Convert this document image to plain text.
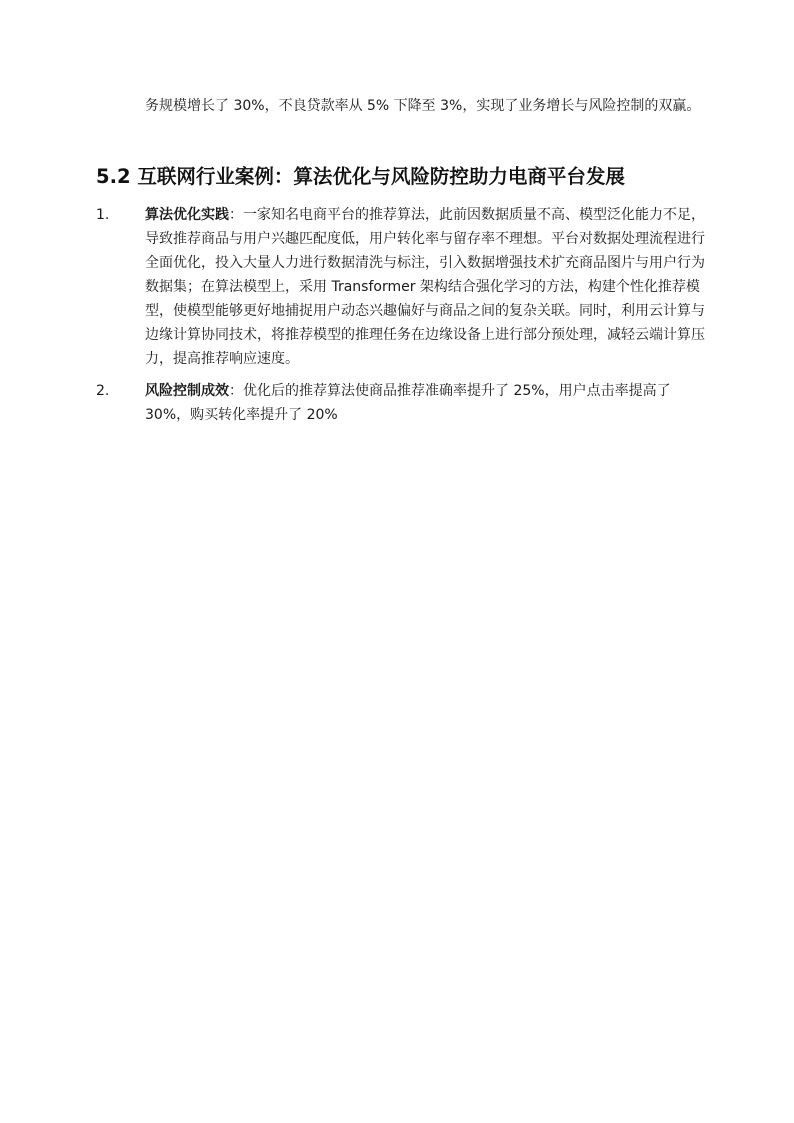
务规模增长了 30%，不良贷款率从 5% 下降至 3%，实现了业务增长与风险控制的双赢。

5.2 互联网行业案例：算法优化与风险防控助力电商平台发展
1.	算法优化实践：一家知名电商平台的推荐算法，此前因数据质量不高、模型泛化能力不足，导致推荐商品与用户兴趣匹配度低，用户转化率与留存率不理想。平台对数据处理流程进行全面优化，投入大量人力进行数据清洗与标注，引入数据增强技术扩充商品图片与用户行为数据集；在算法模型上，采用 Transformer 架构结合强化学习的方法，构建个性化推荐模型，使模型能够更好地捕捉用户动态兴趣偏好与商品之间的复杂关联。同时，利用云计算与边缘计算协同技术，将推荐模型的推理任务在边缘设备上进行部分预处理，减轻云端计算压力，提高推荐响应速度。
2.	风险控制成效：优化后的推荐算法使商品推荐准确率提升了 25%，用户点击率提高了 30%，购买转化率提升了 20%
